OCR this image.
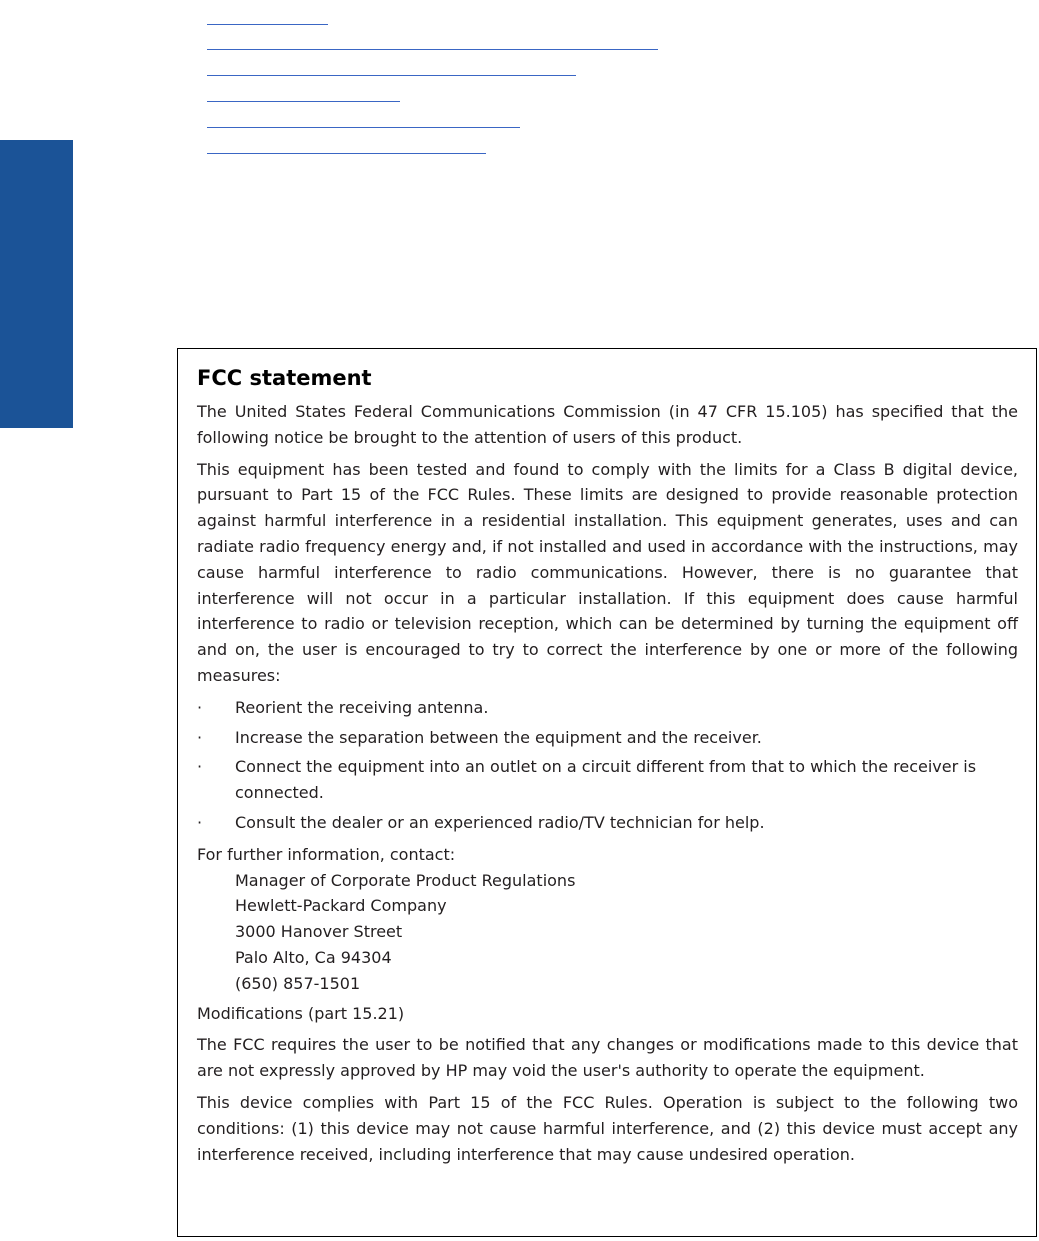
FCC statement

The United States Federal Communications Commission (in 47 CFR 15.105) has specified that the following notice be brought to the attention of users of this product.

This equipment has been tested and found to comply with the limits for a Class B digital device, pursuant to Part 15 of the FCC Rules. These limits are designed to provide reasonable protection against harmful interference in a residential installation. This equipment generates, uses and can radiate radio frequency energy and, if not installed and used in accordance with the instructions, may cause harmful interference to radio communications. However, there is no guarantee that interference will not occur in a particular installation. If this equipment does cause harmful interference to radio or television reception, which can be determined by turning the equipment off and on, the user is encouraged to try to correct the interference by one or more of the following measures:

·	Reorient the receiving antenna.
·	Increase the separation between the equipment and the receiver.
·	Connect the equipment into an outlet on a circuit different from that to which the receiver is connected.
·	Consult the dealer or an experienced radio/TV technician for help.
For further information, contact:
Manager of Corporate Product Regulations
Hewlett-Packard Company
3000 Hanover Street
Palo Alto, Ca 94304
(650) 857-1501
Modifications (part 15.21)

The FCC requires the user to be notified that any changes or modifications made to this device that are not expressly approved by HP may void the user's authority to operate the equipment.

This device complies with Part 15 of the FCC Rules. Operation is subject to the following two conditions: (1) this device may not cause harmful interference, and (2) this device must accept any interference received, including interference that may cause undesired operation.
